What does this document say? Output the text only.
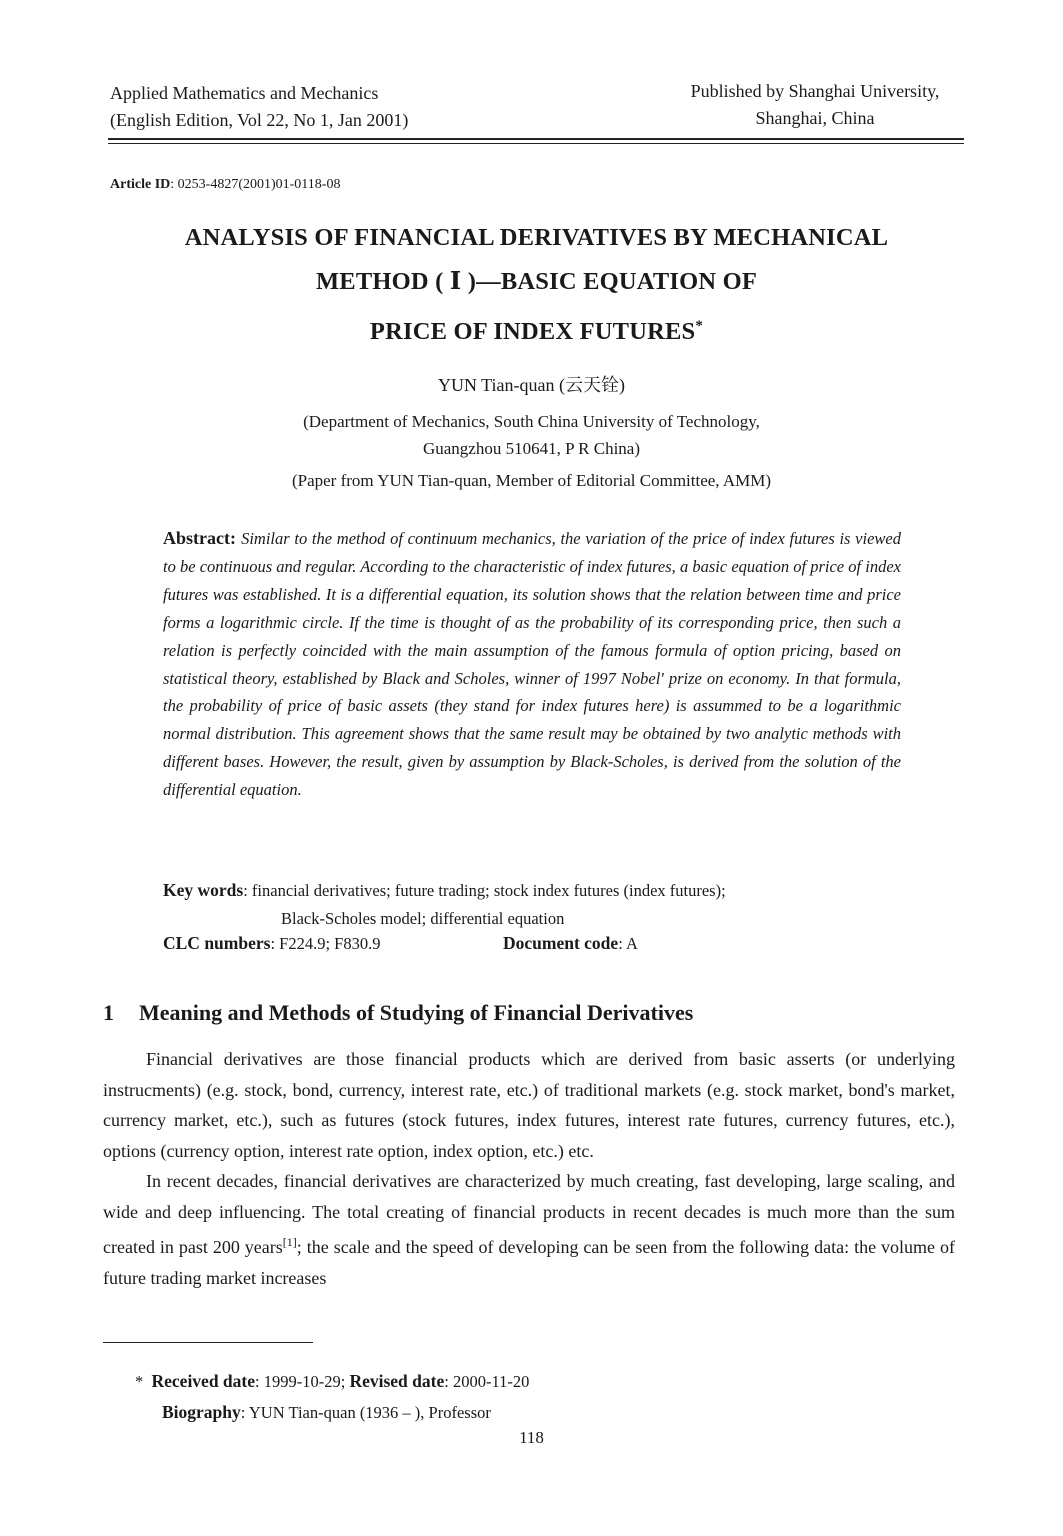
Applied Mathematics and Mechanics
(English Edition, Vol 22, No 1, Jan 2001)
Published by Shanghai University,
Shanghai, China
Article ID: 0253-4827(2001)01-0118-08
ANALYSIS OF FINANCIAL DERIVATIVES BY MECHANICAL
METHOD ( Ⅰ )—BASIC EQUATION OF
PRICE OF INDEX FUTURES*
YUN Tian-quan (云天铨)
(Department of Mechanics, South China University of Technology,
Guangzhou 510641, P R China)
(Paper from YUN Tian-quan, Member of Editorial Committee, AMM)
Abstract: Similar to the method of continuum mechanics, the variation of the price of index futures is viewed to be continuous and regular. According to the characteristic of index futures, a basic equation of price of index futures was established. It is a differential equation, its solution shows that the relation between time and price forms a logarithmic circle. If the time is thought of as the probability of its corresponding price, then such a relation is perfectly coincided with the main assumption of the famous formula of option pricing, based on statistical theory, established by Black and Scholes, winner of 1997 Nobel' prize on economy. In that formula, the probability of price of basic assets (they stand for index futures here) is assummed to be a logarithmic normal distribution. This agreement shows that the same result may be obtained by two analytic methods with different bases. However, the result, given by assumption by Black-Scholes, is derived from the solution of the differential equation.
Key words: financial derivatives; future trading; stock index futures (index futures);
Black-Scholes model; differential equation
CLC numbers: F224.9; F830.9	Document code: A
1 Meaning and Methods of Studying of Financial Derivatives

Financial derivatives are those financial products which are derived from basic asserts (or underlying instrucments) (e.g. stock, bond, currency, interest rate, etc.) of traditional markets (e.g. stock market, bond's market, currency market, etc.), such as futures (stock futures, index futures, interest rate futures, currency futures, etc.), options (currency option, interest rate option, index option, etc.) etc.

In recent decades, financial derivatives are characterized by much creating, fast developing, large scaling, and wide and deep influencing. The total creating of financial products in recent decades is much more than the sum created in past 200 years[1]; the scale and the speed of developing can be seen from the following data: the volume of future trading market increases

* Received date: 1999-10-29; Revised date: 2000-11-20
Biography: YUN Tian-quan (1936 – ), Professor
118
